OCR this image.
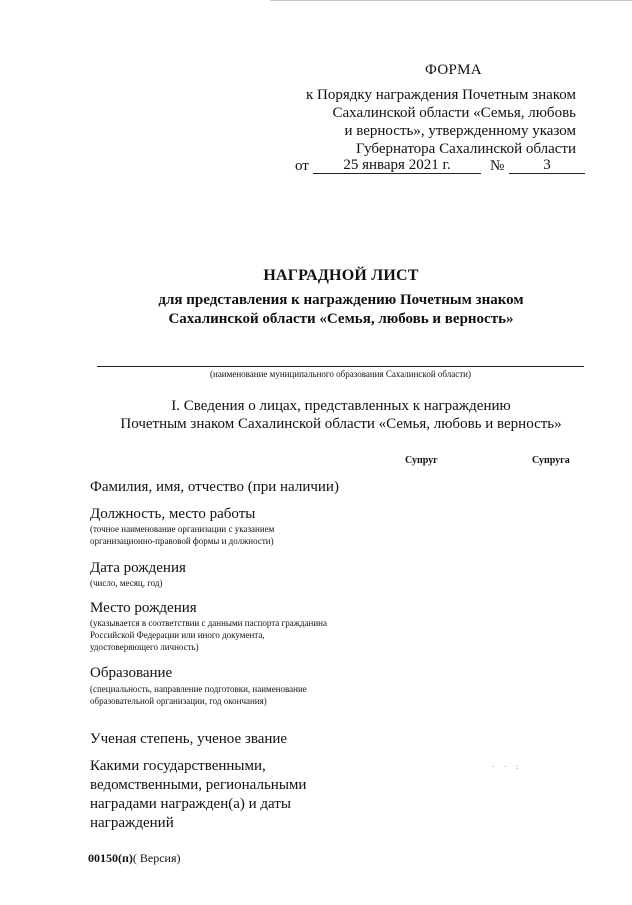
ФОРМА
к Порядку награждения Почетным знаком
Сахалинской области «Семья, любовь
и верность», утвержденному указом
Губернатора Сахалинской области
от	25 января 2021 г.	№	3
НАГРАДНОЙ ЛИСТ
для представления к награждению Почетным знаком
Сахалинской области «Семья, любовь и верность»
(наименование муниципального образования Сахалинской области)
I. Сведения о лицах, представленных к награждению
Почетным знаком Сахалинской области «Семья, любовь и верность»
Супруг	Супруга
Фамилия, имя, отчество (при наличии)
Должность, место работы
(точное наименование организации с указанием организационно-правовой формы и должности)
Дата рождения
(число, месяц, год)
Место рождения
(указывается в соответствии с данными паспорта гражданина Российской Федерации или иного документа, удостоверяющего личность)
Образование
(специальность, направление подготовки, наименование образовательной организации, год окончания)
Ученая степень, ученое звание
Какими государственными, ведомственными, региональными наградами награжден(а) и даты награждений
· · :
00150(п)( Версия)
